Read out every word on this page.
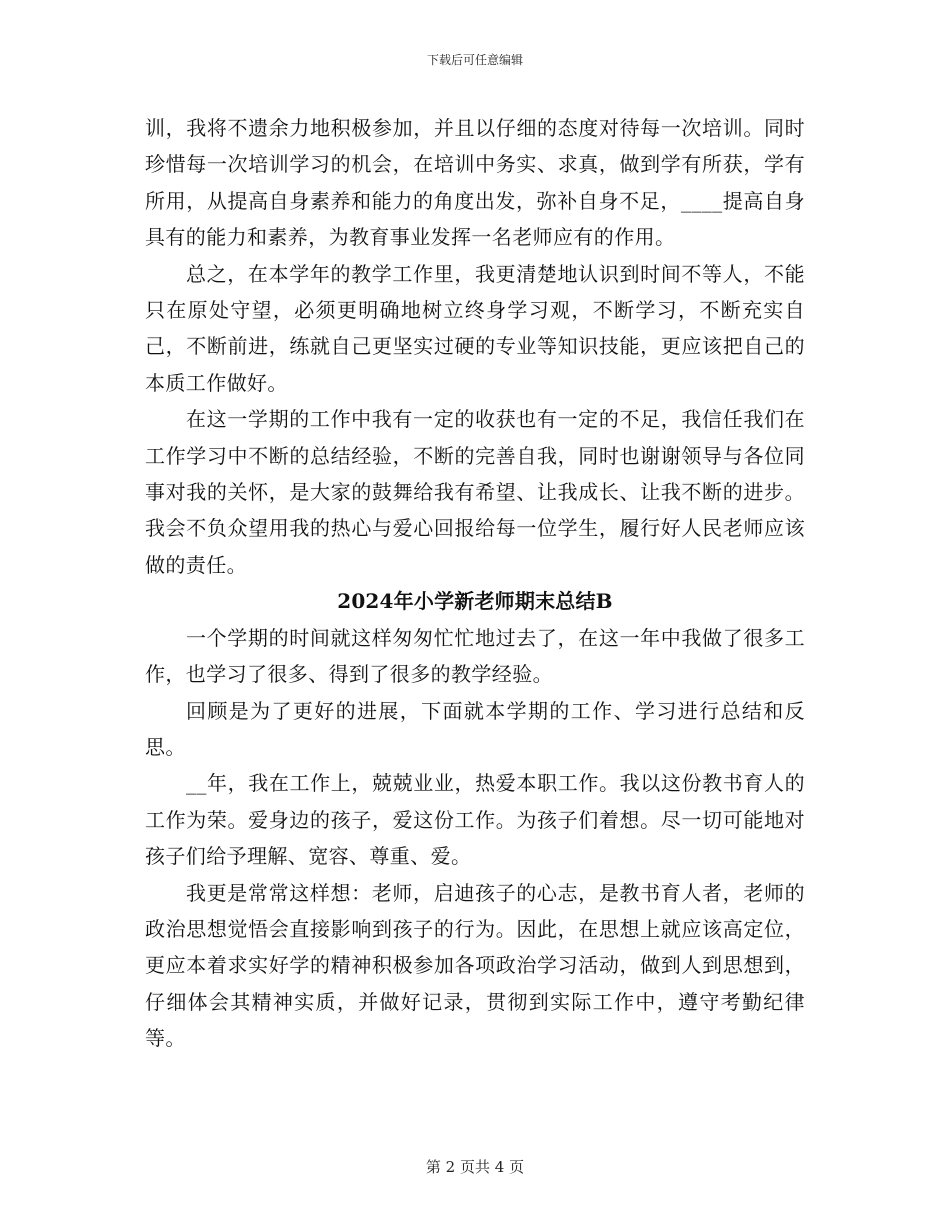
下载后可任意编辑

训，我将不遗余力地积极参加，并且以仔细的态度对待每一次培训。同时珍惜每一次培训学习的机会，在培训中务实、求真，做到学有所获，学有所用，从提高自身素养和能力的角度出发，弥补自身不足，____提高自身具有的能力和素养，为教育事业发挥一名老师应有的作用。

总之，在本学年的教学工作里，我更清楚地认识到时间不等人，不能只在原处守望，必须更明确地树立终身学习观，不断学习，不断充实自己，不断前进，练就自己更坚实过硬的专业等知识技能，更应该把自己的本质工作做好。

在这一学期的工作中我有一定的收获也有一定的不足，我信任我们在工作学习中不断的总结经验，不断的完善自我，同时也谢谢领导与各位同事对我的关怀，是大家的鼓舞给我有希望、让我成长、让我不断的进步。我会不负众望用我的热心与爱心回报给每一位学生，履行好人民老师应该做的责任。

2024年小学新老师期末总结B

一个学期的时间就这样匆匆忙忙地过去了，在这一年中我做了很多工作，也学习了很多、得到了很多的教学经验。

回顾是为了更好的进展，下面就本学期的工作、学习进行总结和反思。

__年，我在工作上，兢兢业业，热爱本职工作。我以这份教书育人的工作为荣。爱身边的孩子，爱这份工作。为孩子们着想。尽一切可能地对孩子们给予理解、宽容、尊重、爱。

我更是常常这样想：老师，启迪孩子的心志，是教书育人者，老师的政治思想觉悟会直接影响到孩子的行为。因此，在思想上就应该高定位，更应本着求实好学的精神积极参加各项政治学习活动，做到人到思想到，仔细体会其精神实质，并做好记录，贯彻到实际工作中，遵守考勤纪律等。

第 2 页共 4 页
